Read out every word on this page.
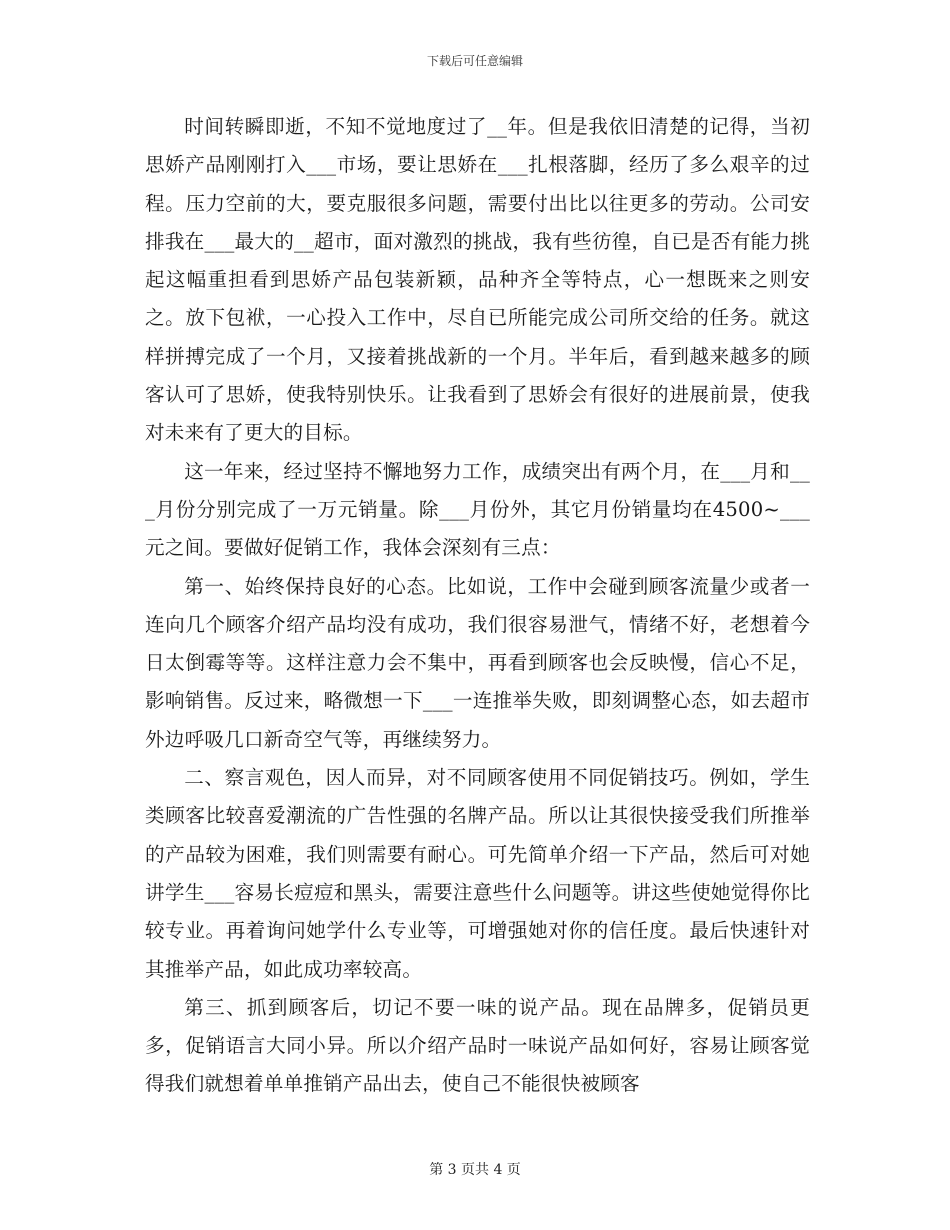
下载后可任意编辑

时间转瞬即逝，不知不觉地度过了__年。但是我依旧清楚的记得，当初思娇产品刚刚打入___市场，要让思娇在___扎根落脚，经历了多么艰辛的过程。压力空前的大，要克服很多问题，需要付出比以往更多的劳动。公司安排我在___最大的__超市，面对激烈的挑战，我有些彷徨，自已是否有能力挑起这幅重担看到思娇产品包装新颖，品种齐全等特点，心一想既来之则安之。放下包袱，一心投入工作中，尽自已所能完成公司所交给的任务。就这样拼搏完成了一个月，又接着挑战新的一个月。半年后，看到越来越多的顾客认可了思娇，使我特别快乐。让我看到了思娇会有很好的进展前景，使我对未来有了更大的目标。

这一年来，经过坚持不懈地努力工作，成绩突出有两个月，在___月和___月份分别完成了一万元销量。除___月份外，其它月份销量均在4500~___元之间。要做好促销工作，我体会深刻有三点：

第一、始终保持良好的心态。比如说，工作中会碰到顾客流量少或者一连向几个顾客介绍产品均没有成功，我们很容易泄气，情绪不好，老想着今日太倒霉等等。这样注意力会不集中，再看到顾客也会反映慢，信心不足，影响销售。反过来，略微想一下___一连推举失败，即刻调整心态，如去超市外边呼吸几口新奇空气等，再继续努力。

二、察言观色，因人而异，对不同顾客使用不同促销技巧。例如，学生类顾客比较喜爱潮流的广告性强的名牌产品。所以让其很快接受我们所推举的产品较为困难，我们则需要有耐心。可先简单介绍一下产品，然后可对她讲学生___容易长痘痘和黑头，需要注意些什么问题等。讲这些使她觉得你比较专业。再着询问她学什么专业等，可增强她对你的信任度。最后快速针对其推举产品，如此成功率较高。

第三、抓到顾客后，切记不要一味的说产品。现在品牌多，促销员更多，促销语言大同小异。所以介绍产品时一味说产品如何好，容易让顾客觉得我们就想着单单推销产品出去，使自己不能很快被顾客

第 3 页共 4 页
